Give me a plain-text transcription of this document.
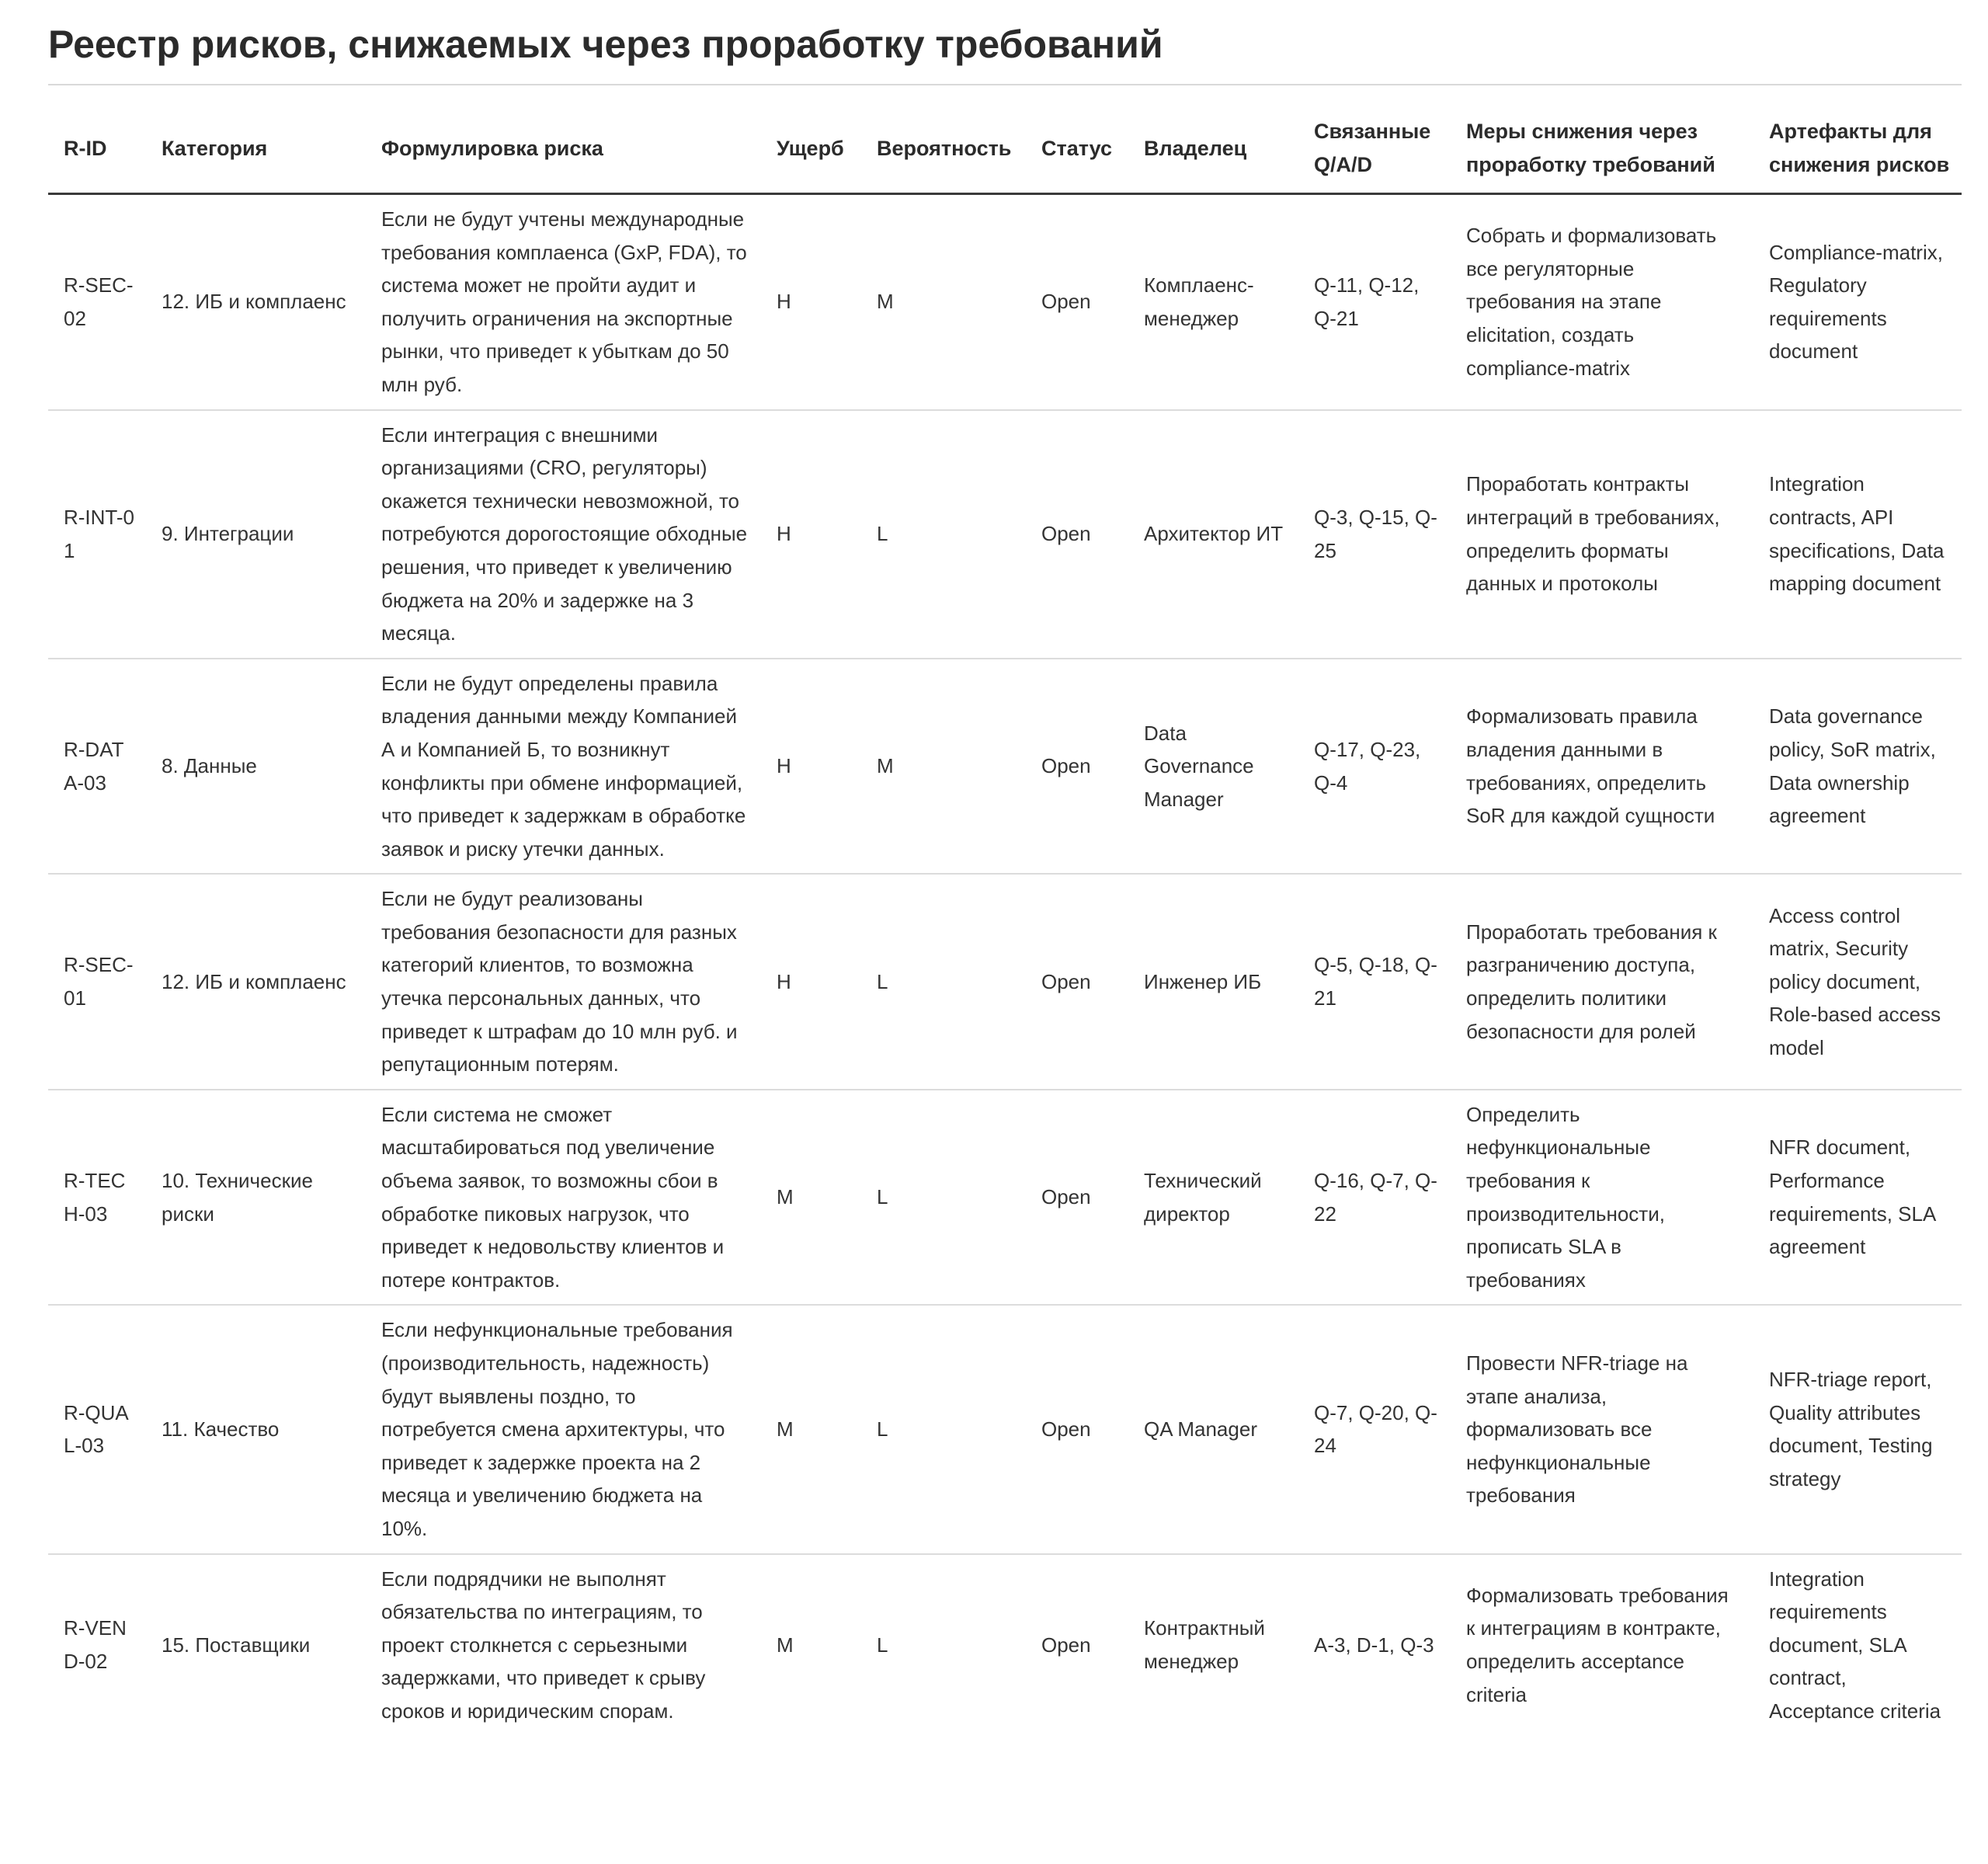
Реестр рисков, снижаемых через проработку требований
R-ID	Категория	Формулировка риска	Ущерб	Вероятность	Статус	Владелец	Связанные Q/A/D	Меры снижения через проработку требований	Артефакты для снижения рисков
R-SEC-02	12. ИБ и комплаенс	Если не будут учтены международные требования комплаенса (GxP, FDA), то система может не пройти аудит и получить ограничения на экспортные рынки, что приведет к убыткам до 50 млн руб.	H	M	Open	Комплаенс-менеджер	Q-11, Q-12, Q-21	Собрать и формализовать все регуляторные требования на этапе elicitation, создать compliance-matrix	Compliance-matrix, Regulatory requirements document
R-INT-01	9. Интеграции	Если интеграция с внешними организациями (CRO, регуляторы) окажется технически невозможной, то потребуются дорогостоящие обходные решения, что приведет к увеличению бюджета на 20% и задержке на 3 месяца.	H	L	Open	Архитектор ИТ	Q-3, Q-15, Q-25	Проработать контракты интеграций в требованиях, определить форматы данных и протоколы	Integration contracts, API specifications, Data mapping document
R-DATA-03	8. Данные	Если не будут определены правила владения данными между Компанией А и Компанией Б, то возникнут конфликты при обмене информацией, что приведет к задержкам в обработке заявок и риску утечки данных.	H	M	Open	Data Governance Manager	Q-17, Q-23, Q-4	Формализовать правила владения данными в требованиях, определить SoR для каждой сущности	Data governance policy, SoR matrix, Data ownership agreement
R-SEC-01	12. ИБ и комплаенс	Если не будут реализованы требования безопасности для разных категорий клиентов, то возможна утечка персональных данных, что приведет к штрафам до 10 млн руб. и репутационным потерям.	H	L	Open	Инженер ИБ	Q-5, Q-18, Q-21	Проработать требования к разграничению доступа, определить политики безопасности для ролей	Access control matrix, Security policy document, Role-based access model
R-TECH-03	10. Технические риски	Если система не сможет масштабироваться под увеличение объема заявок, то возможны сбои в обработке пиковых нагрузок, что приведет к недовольству клиентов и потере контрактов.	M	L	Open	Технический директор	Q-16, Q-7, Q-22	Определить нефункциональные требования к производительности, прописать SLA в требованиях	NFR document, Performance requirements, SLA agreement
R-QUAL-03	11. Качество	Если нефункциональные требования (производительность, надежность) будут выявлены поздно, то потребуется смена архитектуры, что приведет к задержке проекта на 2 месяца и увеличению бюджета на 10%.	M	L	Open	QA Manager	Q-7, Q-20, Q-24	Провести NFR-triage на этапе анализа, формализовать все нефункциональные требования	NFR-triage report, Quality attributes document, Testing strategy
R-VEND-02	15. Поставщики	Если подрядчики не выполнят обязательства по интеграциям, то проект столкнется с серьезными задержками, что приведет к срыву сроков и юридическим спорам.	M	L	Open	Контрактный менеджер	A-3, D-1, Q-3	Формализовать требования к интеграциям в контракте, определить acceptance criteria	Integration requirements document, SLA contract, Acceptance criteria
